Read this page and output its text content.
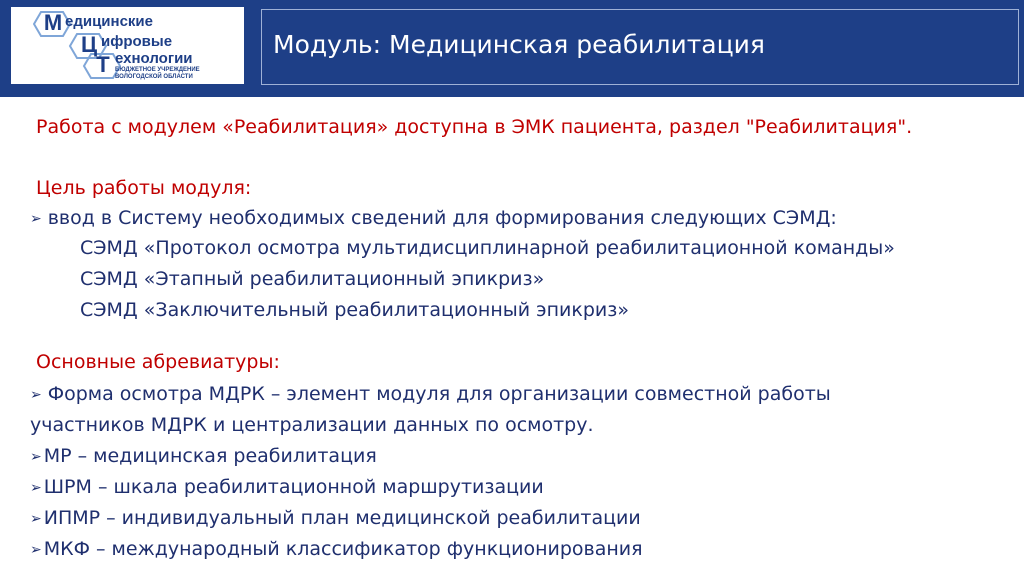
М
Ц
Т
едицинские
ифровые
ехнологии
БЮДЖЕТНОЕ УЧРЕЖДЕНИЕ
ВОЛОГОДСКОЙ ОБЛАСТИ
Модуль: Медицинская реабилитация
Работа с модулем «Реабилитация» доступна в ЭМК пациента, раздел "Реабилитация".
Цель работы модуля:
➢ ввод в Систему необходимых сведений для формирования следующих СЭМД:
СЭМД «Протокол осмотра мультидисциплинарной реабилитационной команды»
СЭМД «Этапный реабилитационный эпикриз»
СЭМД «Заключительный реабилитационный эпикриз»
Основные абревиатуры:
➢ Форма осмотра МДРК – элемент модуля для организации совместной работы
участников МДРК и централизации данных по осмотру.
➢ МР – медицинская реабилитация
➢ ШРМ – шкала реабилитационной маршрутизации
➢ ИПМР – индивидуальный план медицинской реабилитации
➢ МКФ – международный классификатор функционирования
